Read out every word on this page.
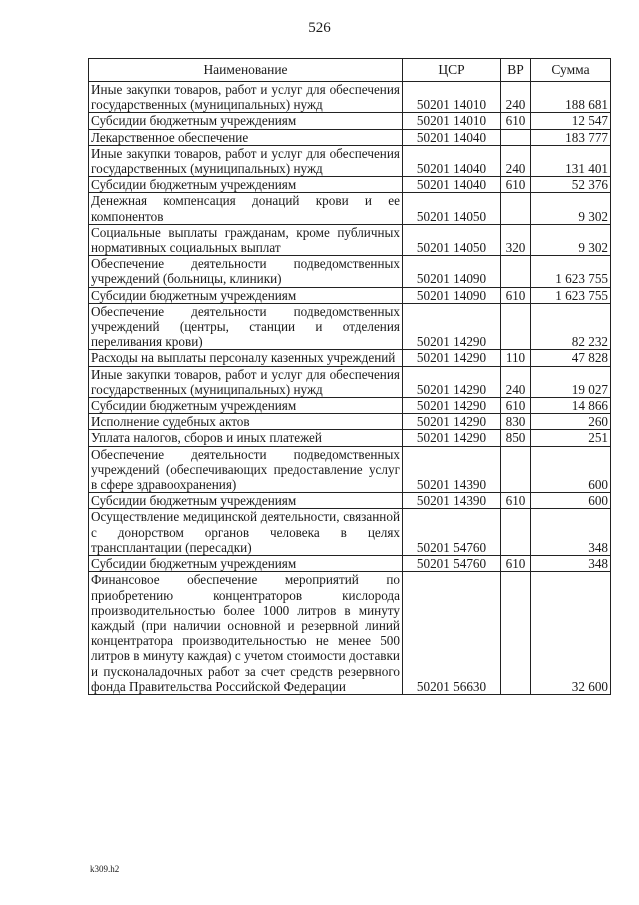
526
Наименование	ЦСР	ВР	Сумма
Иные закупки товаров, работ и услуг для обеспечения государственных (муниципальных) нужд	50201 14010	240	188 681
Субсидии бюджетным учреждениям	50201 14010	610	12 547
Лекарственное обеспечение	50201 14040		183 777
Иные закупки товаров, работ и услуг для обеспечения государственных (муниципальных) нужд	50201 14040	240	131 401
Субсидии бюджетным учреждениям	50201 14040	610	52 376
Денежная компенсация донаций крови и ее компонентов	50201 14050		9 302
Социальные выплаты гражданам, кроме публичных нормативных социальных выплат	50201 14050	320	9 302
Обеспечение деятельности подведомственных учреждений (больницы, клиники)	50201 14090		1 623 755
Субсидии бюджетным учреждениям	50201 14090	610	1 623 755
Обеспечение деятельности подведомственных учреждений (центры, станции и отделения переливания крови)	50201 14290		82 232
Расходы на выплаты персоналу казенных учреждений	50201 14290	110	47 828
Иные закупки товаров, работ и услуг для обеспечения государственных (муниципальных) нужд	50201 14290	240	19 027
Субсидии бюджетным учреждениям	50201 14290	610	14 866
Исполнение судебных актов	50201 14290	830	260
Уплата налогов, сборов и иных платежей	50201 14290	850	251
Обеспечение деятельности подведомственных учреждений (обеспечивающих предоставление услуг в сфере здравоохранения)	50201 14390		600
Субсидии бюджетным учреждениям	50201 14390	610	600
Осуществление медицинской деятельности, связанной с донорством органов человека в целях трансплантации (пересадки)	50201 54760		348
Субсидии бюджетным учреждениям	50201 54760	610	348
Финансовое обеспечение мероприятий по приобретению концентраторов кислорода производительностью более 1000 литров в минуту каждый (при наличии основной и резервной линий концентратора производительностью не менее 500 литров в минуту каждая) с учетом стоимости доставки и пусконаладочных работ за счет средств резервного фонда Правительства Российской Федерации	50201 56630		32 600
k309.h2
